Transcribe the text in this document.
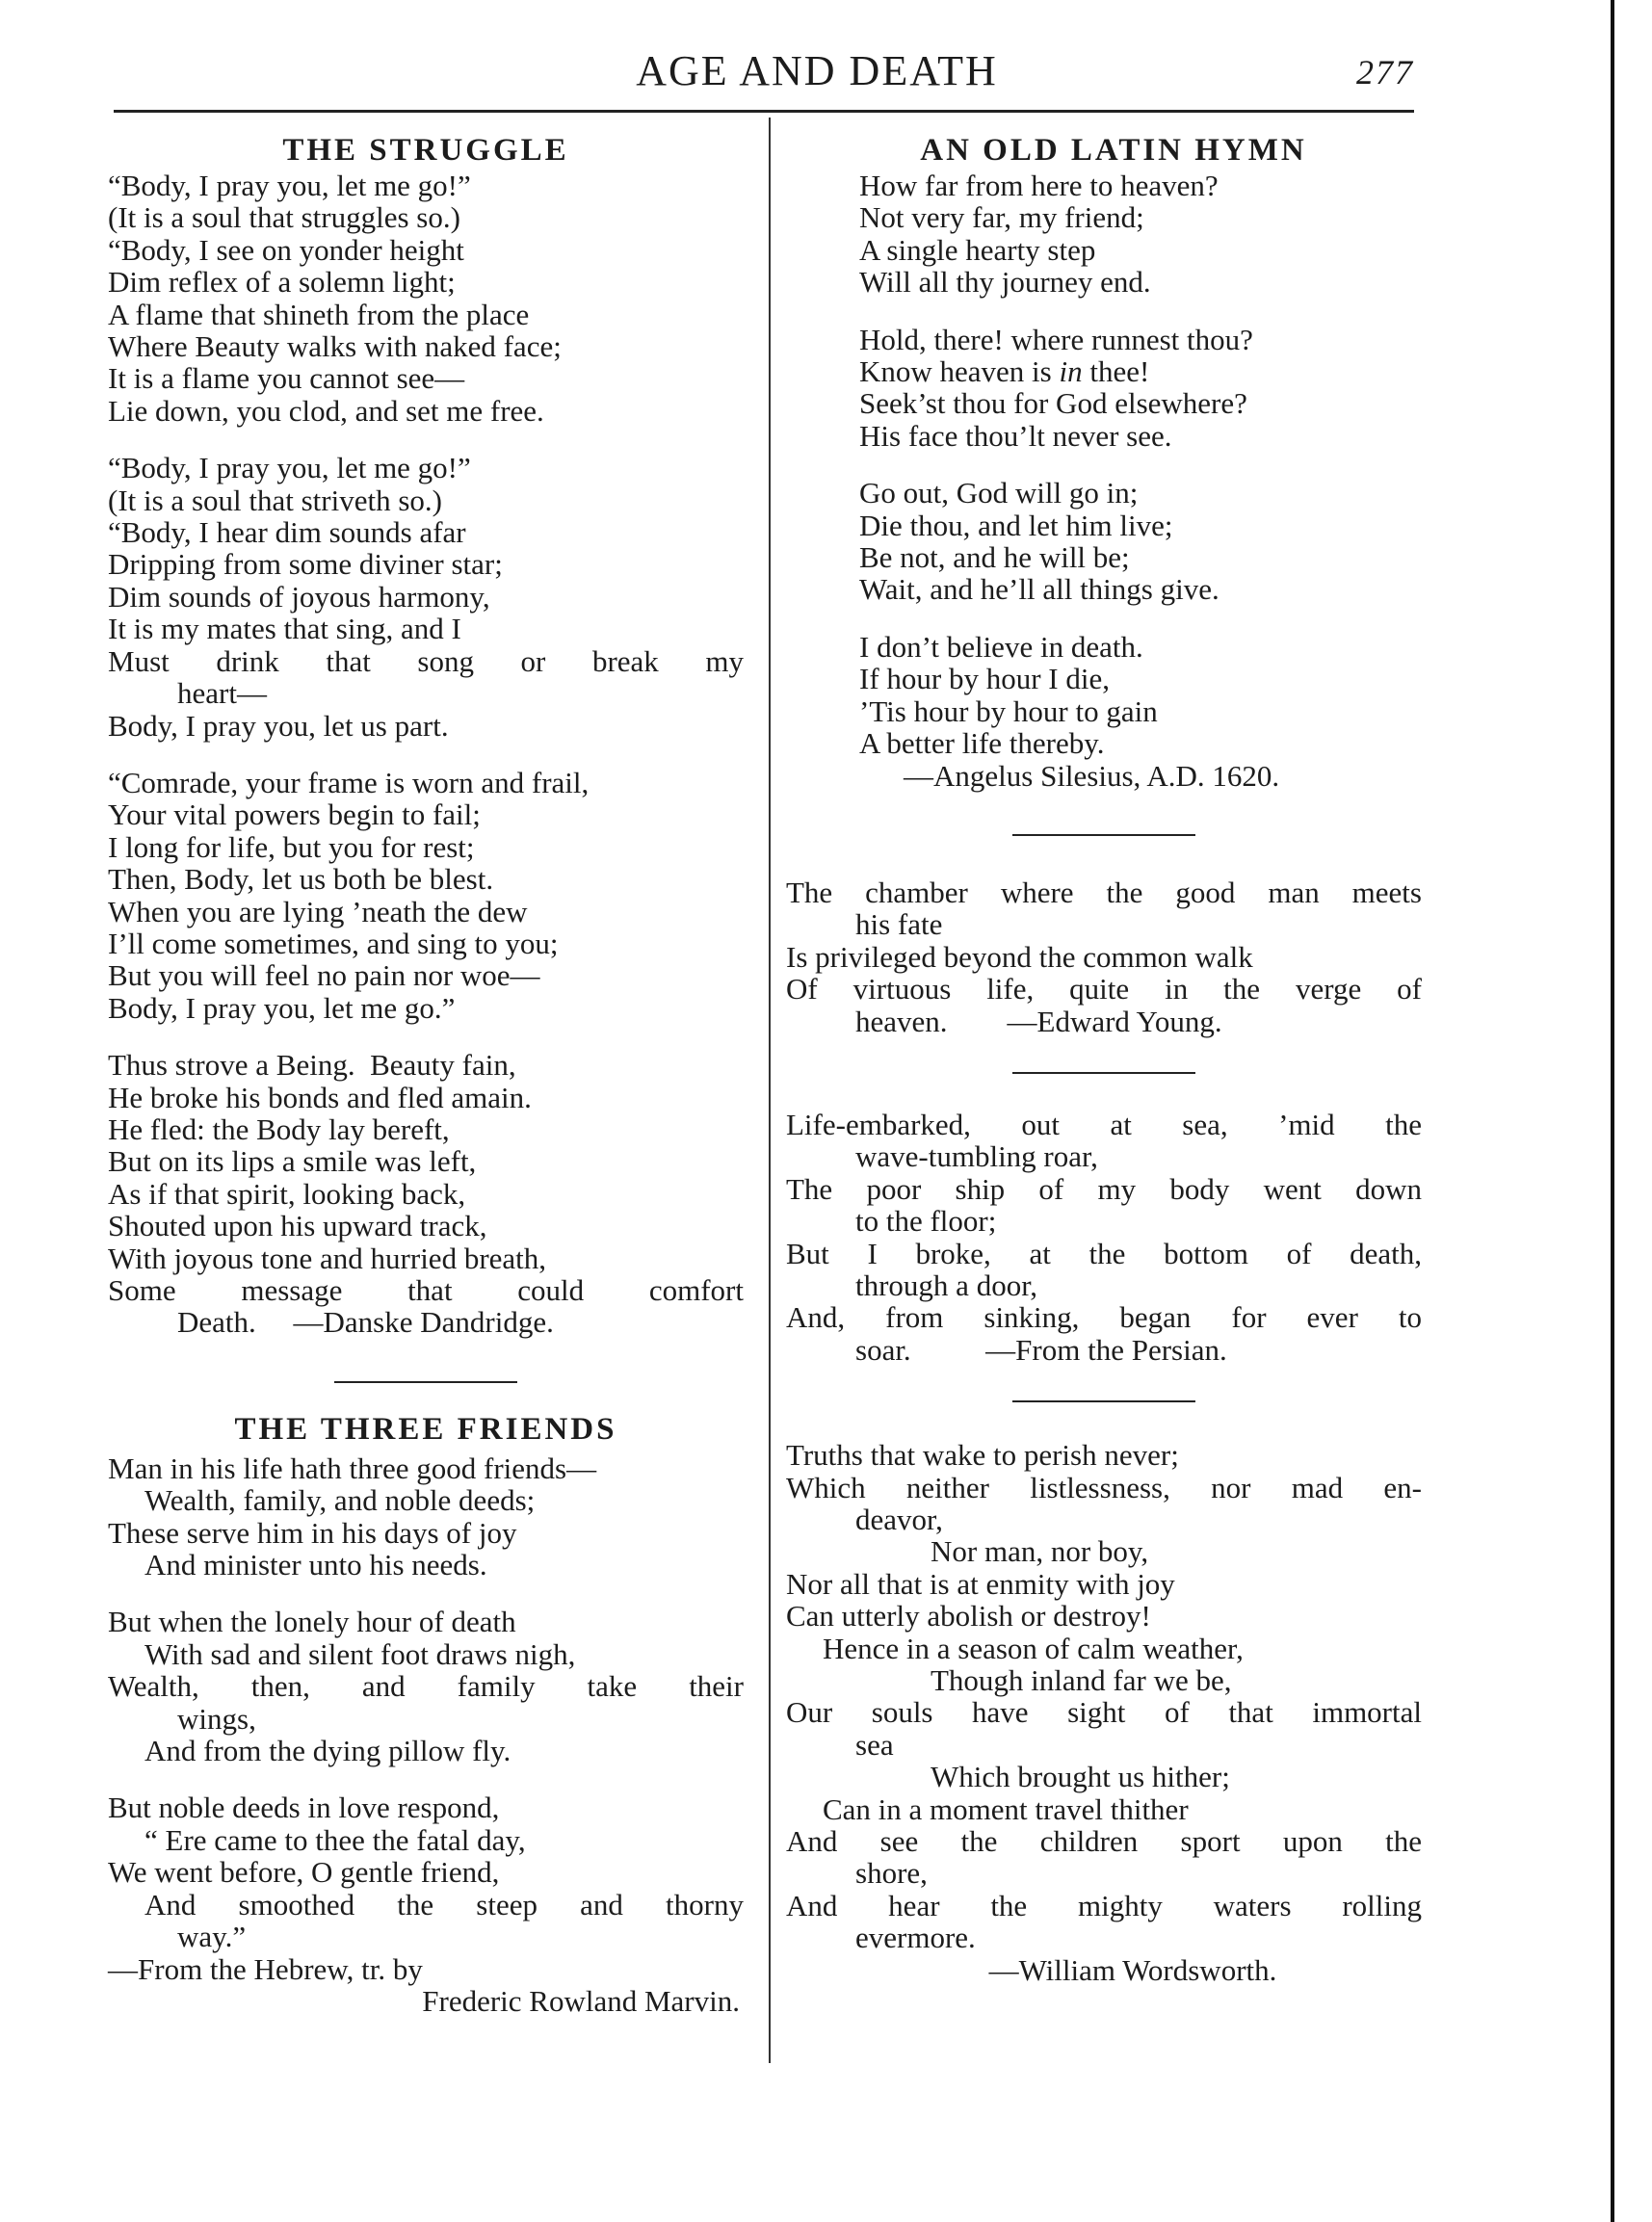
AGE AND DEATH	277
THE STRUGGLE
“Body, I pray you, let me go!”
(It is a soul that struggles so.)
“Body, I see on yonder height
Dim reflex of a solemn light;
A flame that shineth from the place
Where Beauty walks with naked face;
It is a flame you cannot see—
Lie down, you clod, and set me free.
“Body, I pray you, let me go!”
(It is a soul that striveth so.)
“Body, I hear dim sounds afar
Dripping from some diviner star;
Dim sounds of joyous harmony,
It is my mates that sing, and I
Must drink that song or break my
heart—
Body, I pray you, let us part.
“Comrade, your frame is worn and frail,
Your vital powers begin to fail;
I long for life, but you for rest;
Then, Body, let us both be blest.
When you are lying ’neath the dew
I’ll come sometimes, and sing to you;
But you will feel no pain nor woe—
Body, I pray you, let me go.”
Thus strove a Being.  Beauty fain,
He broke his bonds and fled amain.
He fled: the Body lay bereft,
But on its lips a smile was left,
As if that spirit, looking back,
Shouted upon his upward track,
With joyous tone and hurried breath,
Some message that could comfort
Death.     —Danske Dandridge.
THE THREE FRIENDS
Man in his life hath three good friends—
Wealth, family, and noble deeds;
These serve him in his days of joy
And minister unto his needs.
But when the lonely hour of death
With sad and silent foot draws nigh,
Wealth, then, and family take their
wings,
And from the dying pillow fly.
But noble deeds in love respond,
“ Ere came to thee the fatal day,
We went before, O gentle friend,
And smoothed the steep and thorny
way.”
—From the Hebrew, tr. by
Frederic Rowland Marvin.
AN OLD LATIN HYMN
How far from here to heaven?
Not very far, my friend;
A single hearty step
Will all thy journey end.
Hold, there! where runnest thou?
Know heaven is in thee!
Seek’st thou for God elsewhere?
His face thou’lt never see.
Go out, God will go in;
Die thou, and let him live;
Be not, and he will be;
Wait, and he’ll all things give.
I don’t believe in death.
If hour by hour I die,
’Tis hour by hour to gain
A better life thereby.
—Angelus Silesius, A.D. 1620.
The chamber where the good man meets
his fate
Is privileged beyond the common walk
Of virtuous life, quite in the verge of
heaven.        —Edward Young.
Life-embarked, out at sea, ’mid the
wave-tumbling roar,
The poor ship of my body went down
to the floor;
But I broke, at the bottom of death,
through a door,
And, from sinking, began for ever to
soar.          —From the Persian.
Truths that wake to perish never;
Which neither listlessness, nor mad en-
deavor,
Nor man, nor boy,
Nor all that is at enmity with joy
Can utterly abolish or destroy!
Hence in a season of calm weather,
Though inland far we be,
Our souls have sight of that immortal
sea
Which brought us hither;
Can in a moment travel thither
And see the children sport upon the
shore,
And hear the mighty waters rolling
evermore.
—William Wordsworth.
